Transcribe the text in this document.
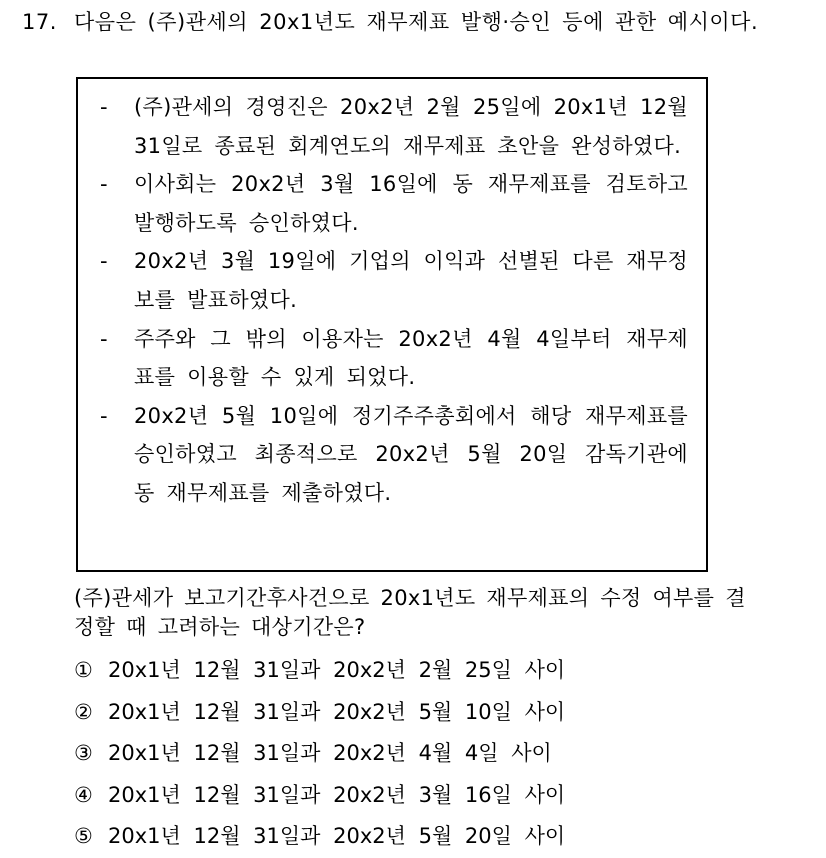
17. 다음은 (주)관세의 20x1년도 재무제표 발행·승인 등에 관한 예시이다.
-	(주)관세의 경영진은 20x2년 2월 25일에 20x1년 12월 31일로 종료된 회계연도의 재무제표 초안을 완성하였다.
-	이사회는 20x2년 3월 16일에 동 재무제표를 검토하고 발행하도록 승인하였다.
-	20x2년 3월 19일에 기업의 이익과 선별된 다른 재무정보를 발표하였다.
-	주주와 그 밖의 이용자는 20x2년 4월 4일부터 재무제표를 이용할 수 있게 되었다.
-	20x2년 5월 10일에 정기주주총회에서 해당 재무제표를 승인하였고 최종적으로 20x2년 5월 20일 감독기관에 동 재무제표를 제출하였다.
(주)관세가 보고기간후사건으로 20x1년도 재무제표의 수정 여부를 결정할 때 고려하는 대상기간은?
① 20x1년 12월 31일과 20x2년 2월 25일 사이
② 20x1년 12월 31일과 20x2년 5월 10일 사이
③ 20x1년 12월 31일과 20x2년 4월 4일 사이
④ 20x1년 12월 31일과 20x2년 3월 16일 사이
⑤ 20x1년 12월 31일과 20x2년 5월 20일 사이
